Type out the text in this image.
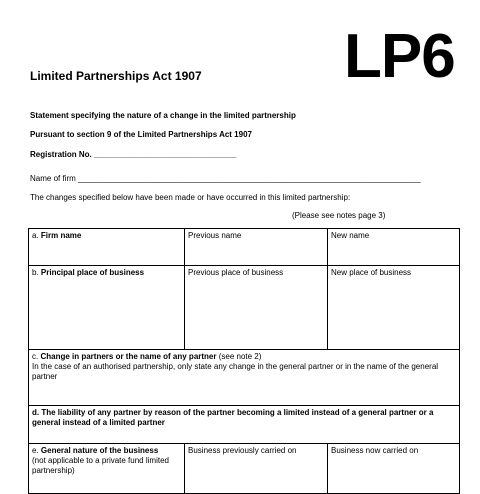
Limited Partnerships Act 1907 LP6
Statement specifying the nature of a change in the limited partnership
Pursuant to section 9 of the Limited Partnerships Act 1907
Registration No. ________________________________
Name of firm _____________________________________________________________________________
The changes specified below have been made or have occurred in this limited partnership:
(Please see notes page 3)
a. Firm name	Previous name	New name
b. Principal place of business	Previous place of business	New place of business
c. Change in partners or the name of any partner (see note 2)
In the case of an authorised partnership, only state any change in the general partner or in the name of the general partner		
d. The liability of any partner by reason of the partner becoming a limited instead of a general partner or a general instead of a limited partner		
e. General nature of the business
(not applicable to a private fund limited partnership)	Business previously carried on	Business now carried on
